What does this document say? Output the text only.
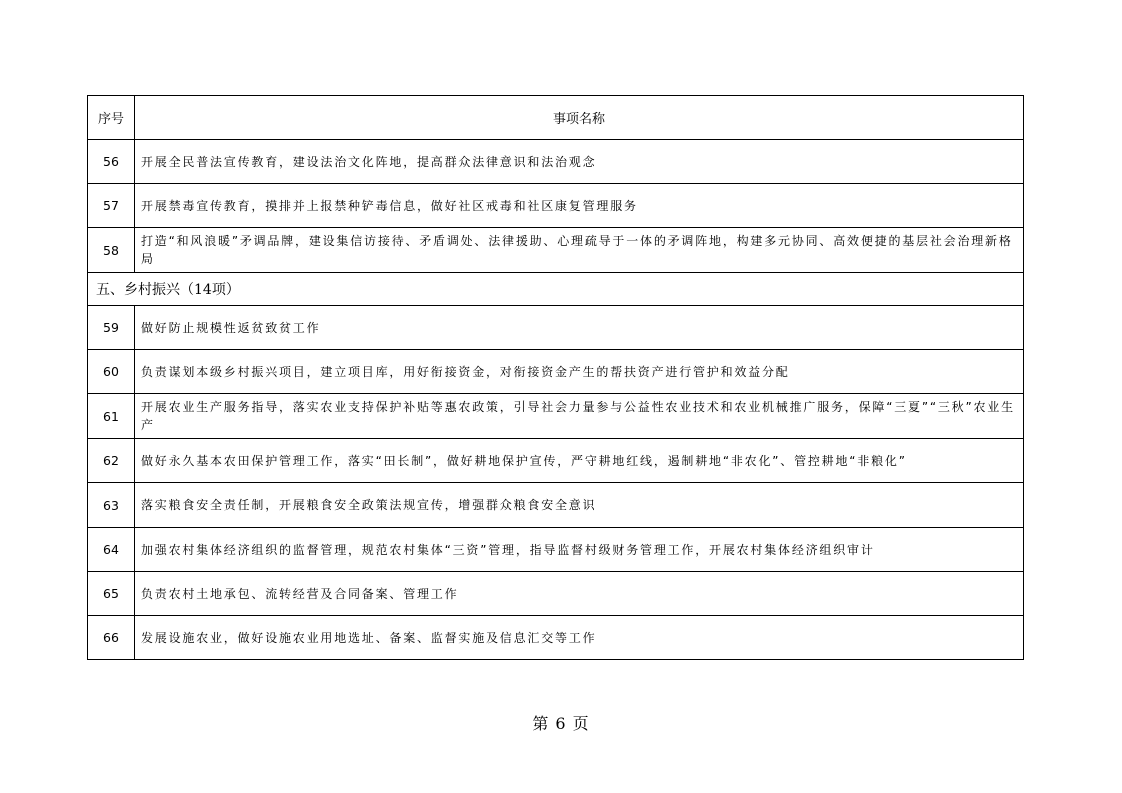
序号	事项名称
56	开展全民普法宣传教育，建设法治文化阵地，提高群众法律意识和法治观念
57	开展禁毒宣传教育，摸排并上报禁种铲毒信息，做好社区戒毒和社区康复管理服务
58	打造“和风浪暖”矛调品牌，建设集信访接待、矛盾调处、法律援助、心理疏导于一体的矛调阵地，构建多元协同、高效便捷的基层社会治理新格局
五、乡村振兴（14项）	
59	做好防止规模性返贫致贫工作
60	负责谋划本级乡村振兴项目，建立项目库，用好衔接资金，对衔接资金产生的帮扶资产进行管护和效益分配
61	开展农业生产服务指导，落实农业支持保护补贴等惠农政策，引导社会力量参与公益性农业技术和农业机械推广服务，保障“三夏”“三秋”农业生产
62	做好永久基本农田保护管理工作，落实“田长制”，做好耕地保护宣传，严守耕地红线，遏制耕地“非农化”、管控耕地“非粮化”
63	落实粮食安全责任制，开展粮食安全政策法规宣传，增强群众粮食安全意识
64	加强农村集体经济组织的监督管理，规范农村集体“三资”管理，指导监督村级财务管理工作，开展农村集体经济组织审计
65	负责农村土地承包、流转经营及合同备案、管理工作
66	发展设施农业，做好设施农业用地选址、备案、监督实施及信息汇交等工作
第 6 页
